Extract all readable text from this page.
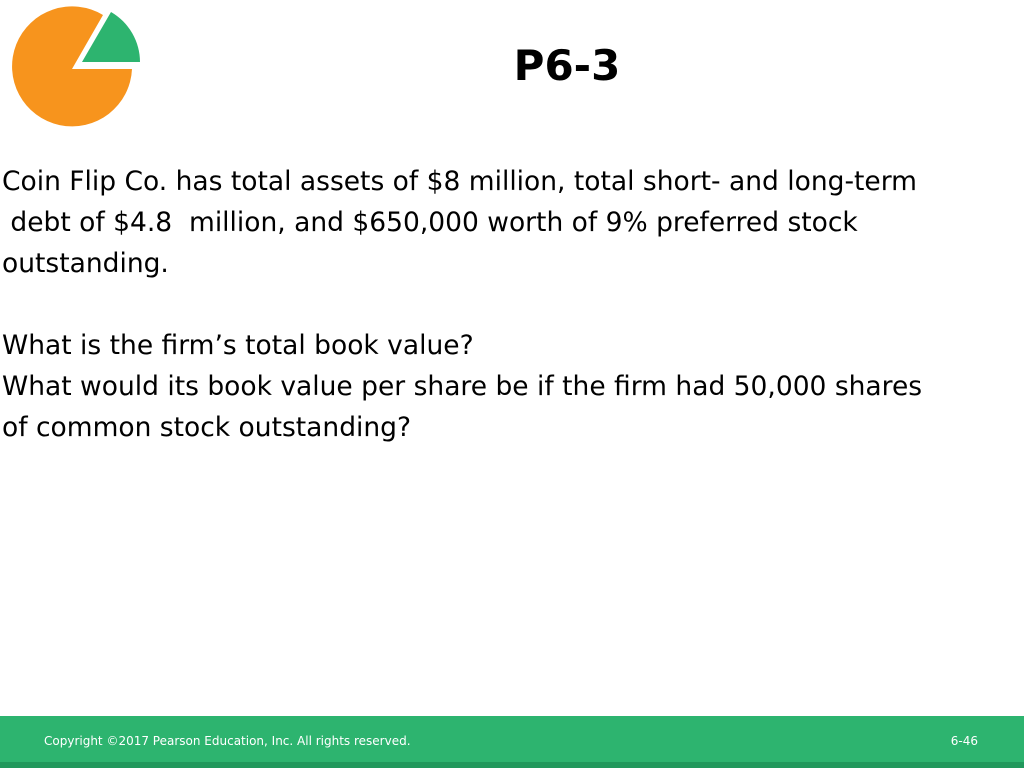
P6-3
Coin Flip Co. has total assets of $8 million, total short- and long-term
debt of $4.8  million, and $650,000 worth of 9% preferred stock
outstanding.
What is the firm’s total book value?
What would its book value per share be if the firm had 50,000 shares
of common stock outstanding?
Copyright ©2017 Pearson Education, Inc. All rights reserved.	6-46
